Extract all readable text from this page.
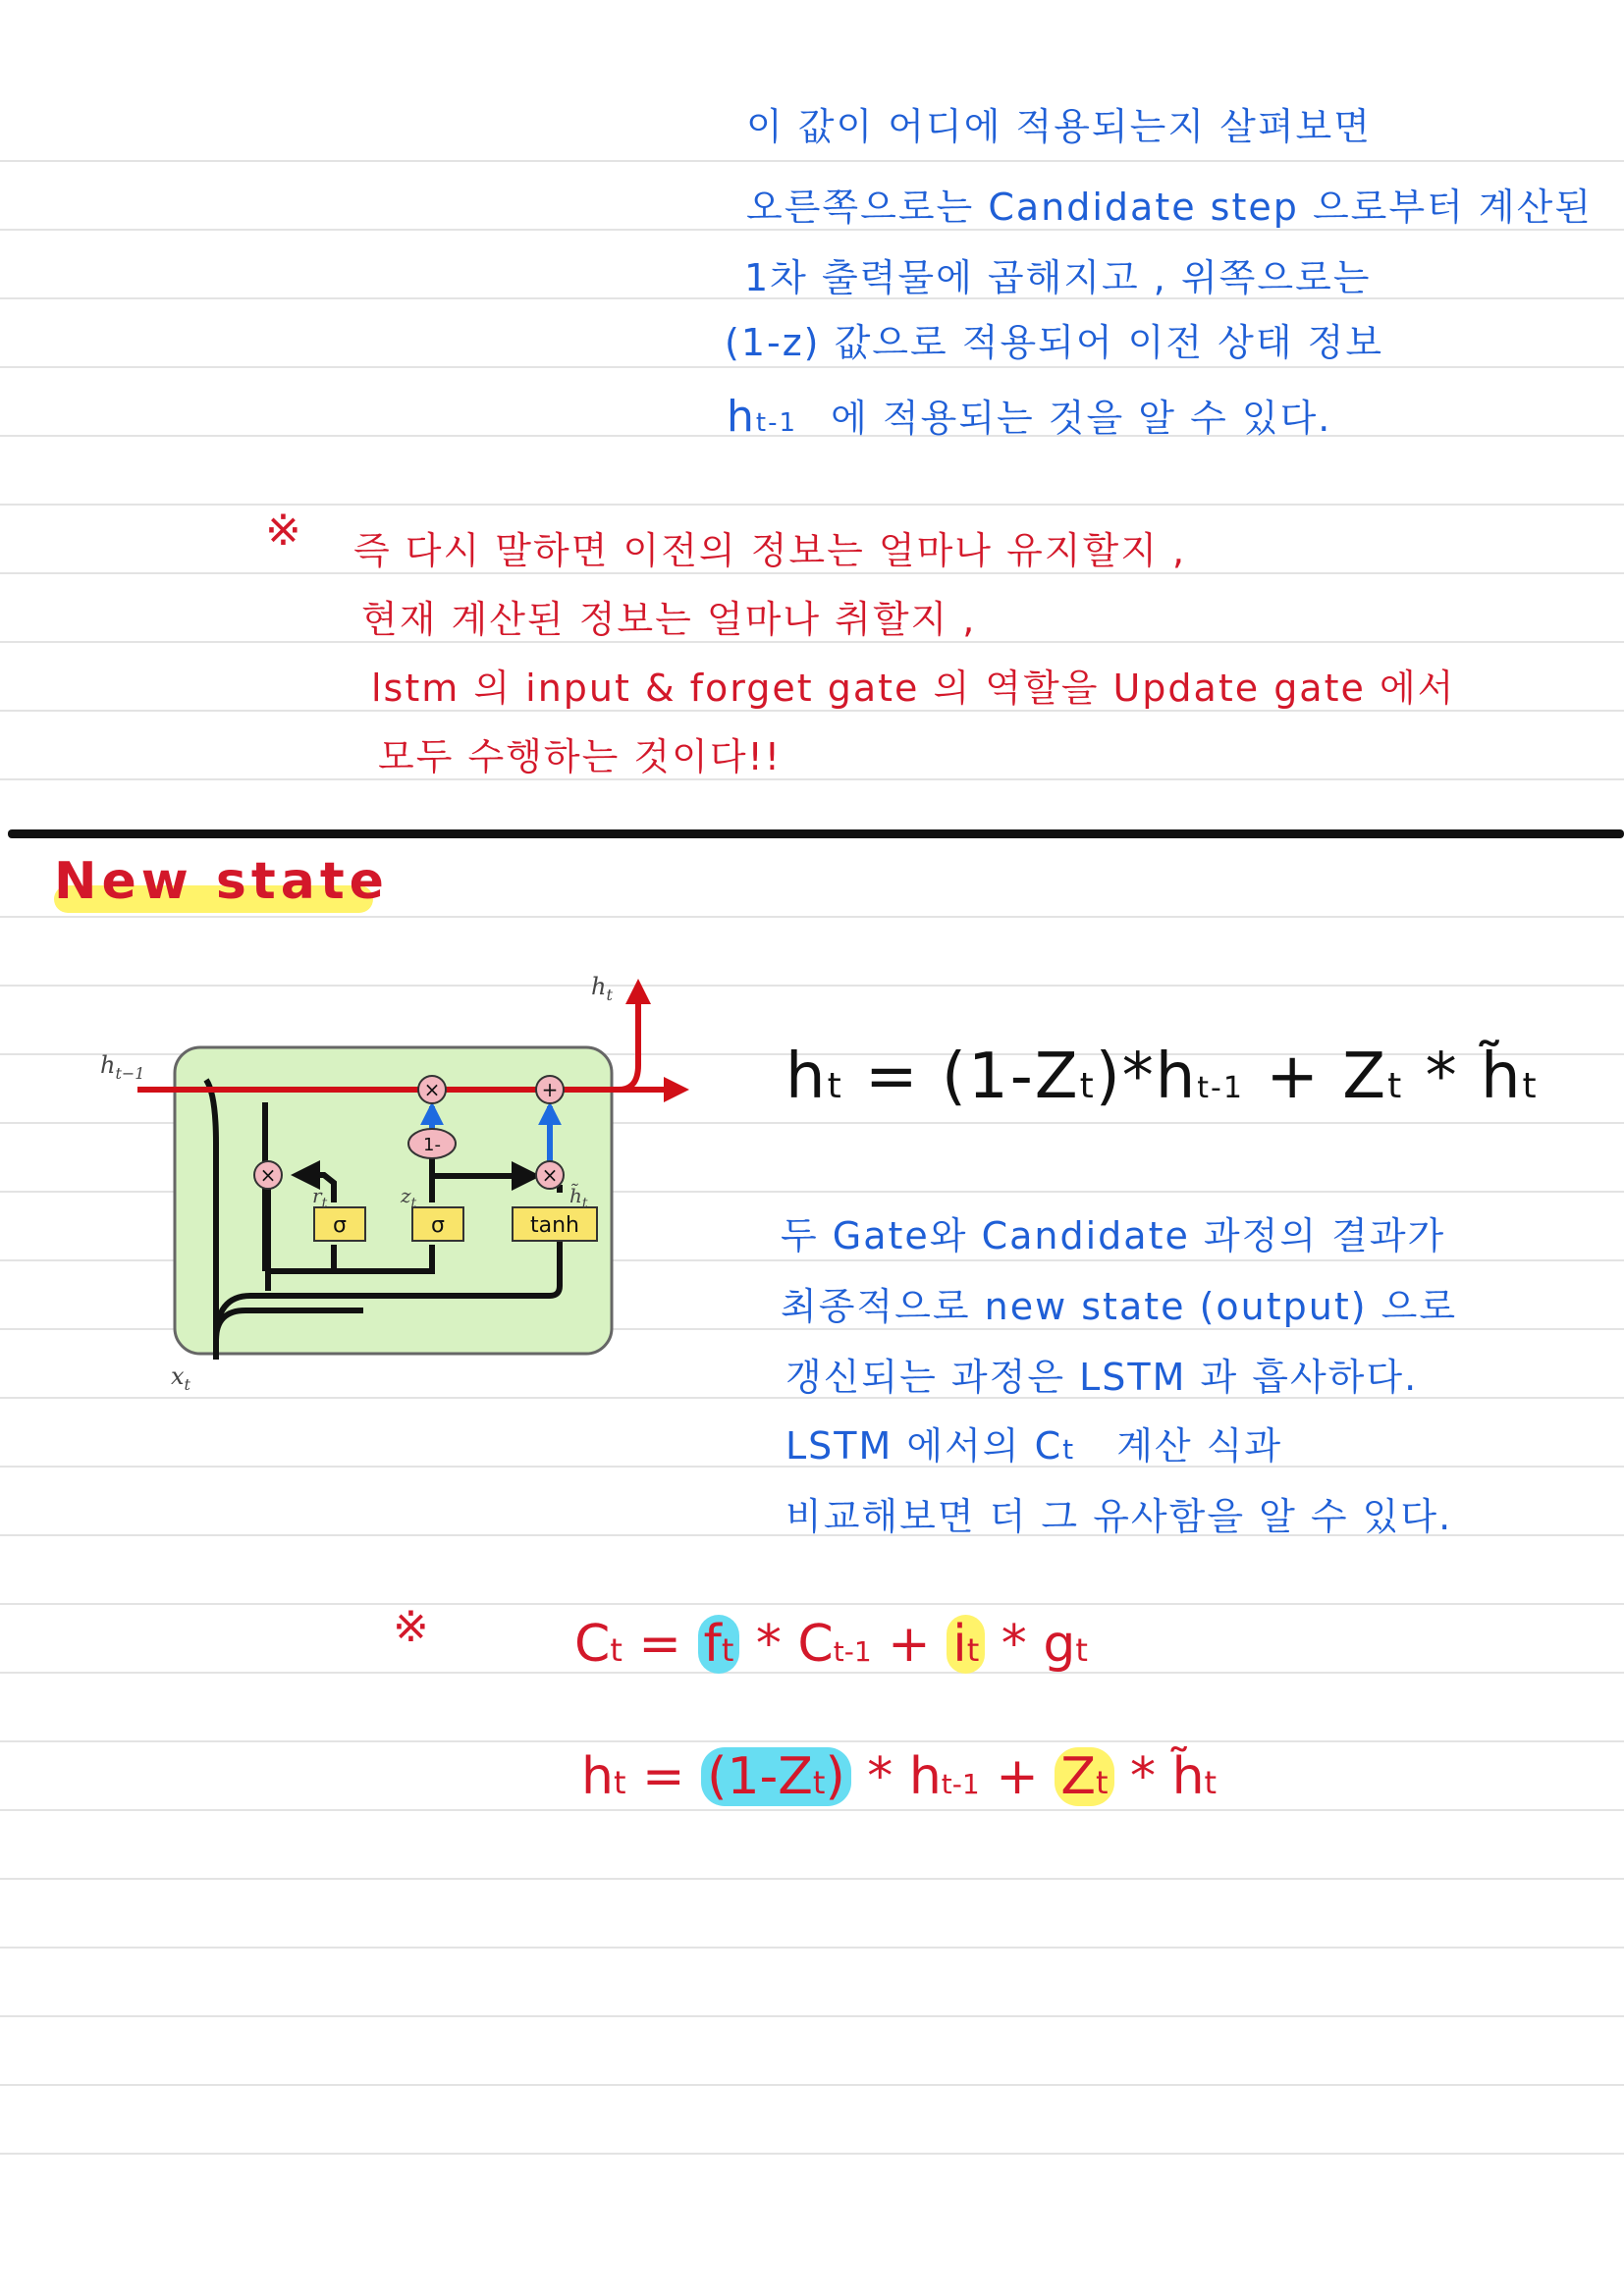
이 값이 어디에 적용되는지 살펴보면
오른쪽으로는 Candidate step 으로부터 계산된
1차 출력물에 곱해지고 , 위쪽으로는
(1-z) 값으로 적용되어 이전 상태 정보
ht-1 에 적용되는 것을 알 수 있다.
※ 즉 다시 말하면 이전의 정보는 얼마나 유지할지 ,
현재 계산된 정보는 얼마나 취할지 ,
lstm 의 input & forget gate 의 역할을 Update gate 에서
모두 수행하는 것이다!!
New state
×	+
×	×
1-
σ	σ	tanh
$h_{t-1}$
$h_t$
$x_t$
$r_t$	$z_t$	$h̃_t$
ht = (1-Zt)*ht-1 + Zt * h̃t
두 Gate와 Candidate 과정의 결과가
최종적으로 new state (output) 으로
갱신되는 과정은 LSTM 과 흡사하다.
LSTM 에서의 Ct 계산 식과
비교해보면 더 그 유사함을 알 수 있다.
※	Ct = ft * Ct-1 + it * gt
ht = (1-Zt) * ht-1 + Zt * h̃t
